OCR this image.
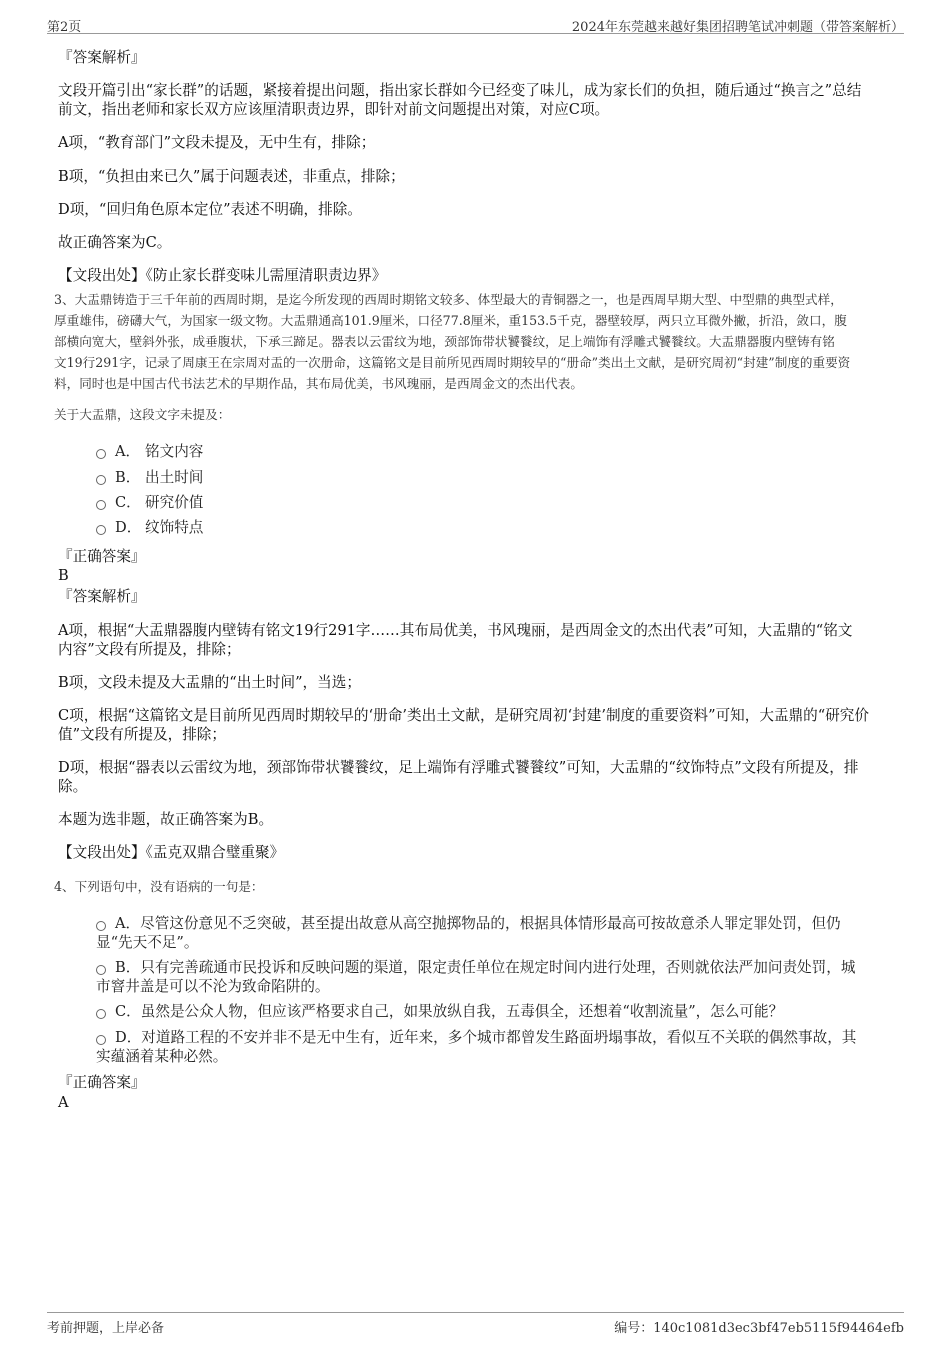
第2页	2024年东莞越来越好集团招聘笔试冲刺题（带答案解析）
『答案解析』
文段开篇引出“家长群”的话题，紧接着提出问题，指出家长群如今已经变了味儿，成为家长们的负担，随后通过“换言之”总结
前文，指出老师和家长双方应该厘清职责边界，即针对前文问题提出对策，对应C项。
A项，“教育部门”文段未提及，无中生有，排除；
B项，“负担由来已久”属于问题表述，非重点，排除；
D项，“回归角色原本定位”表述不明确，排除。
故正确答案为C。
【文段出处】《防止家长群变味儿需厘清职责边界》
3、大盂鼎铸造于三千年前的西周时期，是迄今所发现的西周时期铭文较多、体型最大的青铜器之一，也是西周早期大型、中型鼎的典型式样，
厚重雄伟，磅礴大气，为国家一级文物。大盂鼎通高101.9厘米，口径77.8厘米，重153.5千克，器壁较厚，两只立耳微外撇，折沿，敛口，腹
部横向宽大，壁斜外张，成垂腹状，下承三蹄足。器表以云雷纹为地，颈部饰带状饕餮纹，足上端饰有浮雕式饕餮纹。大盂鼎器腹内壁铸有铭
文19行291字，记录了周康王在宗周对盂的一次册命，这篇铭文是目前所见西周时期较早的“册命”类出土文献，是研究周初“封建”制度的重要资
料，同时也是中国古代书法艺术的早期作品，其布局优美，书风瑰丽，是西周金文的杰出代表。
关于大盂鼎，这段文字未提及：
A． 铭文内容
B． 出土时间
C． 研究价值
D． 纹饰特点
『正确答案』
B
『答案解析』
A项，根据“大盂鼎器腹内壁铸有铭文19行291字……其布局优美，书风瑰丽，是西周金文的杰出代表”可知，大盂鼎的“铭文
内容”文段有所提及，排除；
B项，文段未提及大盂鼎的“出土时间”，当选；
C项，根据“这篇铭文是目前所见西周时期较早的‘册命’类出土文献，是研究周初‘封建’制度的重要资料”可知，大盂鼎的“研究价
值”文段有所提及，排除；
D项，根据“器表以云雷纹为地，颈部饰带状饕餮纹，足上端饰有浮雕式饕餮纹”可知，大盂鼎的“纹饰特点”文段有所提及，排
除。
本题为选非题，故正确答案为B。
【文段出处】《盂克双鼎合璧重聚》
4、下列语句中，没有语病的一句是：
A．尽管这份意见不乏突破，甚至提出故意从高空抛掷物品的，根据具体情形最高可按故意杀人罪定罪处罚，但仍
显“先天不足”。
B．只有完善疏通市民投诉和反映问题的渠道，限定责任单位在规定时间内进行处理，否则就依法严加问责处罚，城
市窨井盖是可以不沦为致命陷阱的。
C．虽然是公众人物，但应该严格要求自己，如果放纵自我，五毒俱全，还想着“收割流量”，怎么可能？
D．对道路工程的不安并非不是无中生有，近年来，多个城市都曾发生路面坍塌事故，看似互不关联的偶然事故，其
实蕴涵着某种必然。
『正确答案』
A
考前押题，上岸必备	编号：140c1081d3ec3bf47eb5115f94464efb
